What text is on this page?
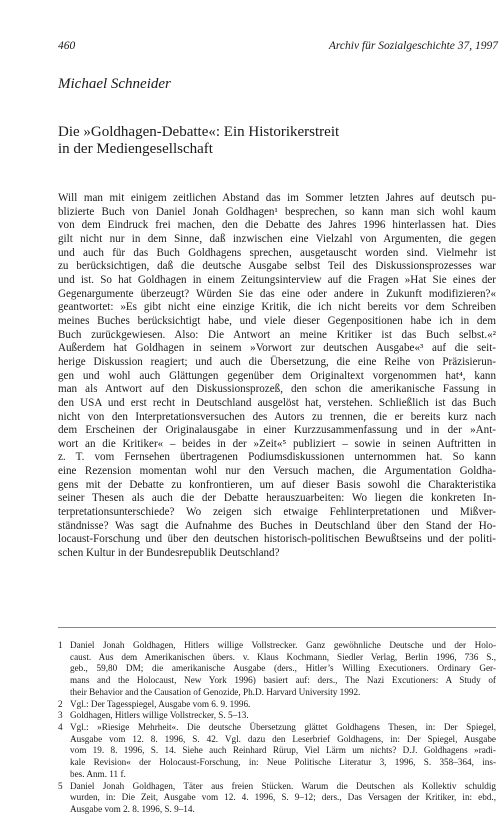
460	Archiv für Sozialgeschichte 37, 1997
Michael Schneider
Die »Goldhagen-Debatte«: Ein Historikerstreit
in der Mediengesellschaft
Will man mit einigem zeitlichen Abstand das im Sommer letzten Jahres auf deutsch pu-
blizierte Buch von Daniel Jonah Goldhagen¹ besprechen, so kann man sich wohl kaum
von dem Eindruck frei machen, den die Debatte des Jahres 1996 hinterlassen hat. Dies
gilt nicht nur in dem Sinne, daß inzwischen eine Vielzahl von Argumenten, die gegen
und auch für das Buch Goldhagens sprechen, ausgetauscht worden sind. Vielmehr ist
zu berücksichtigen, daß die deutsche Ausgabe selbst Teil des Diskussionsprozesses war
und ist. So hat Goldhagen in einem Zeitungsinterview auf die Fragen »Hat Sie eines der
Gegenargumente überzeugt? Würden Sie das eine oder andere in Zukunft modifizieren?«
geantwortet: »Es gibt nicht eine einzige Kritik, die ich nicht bereits vor dem Schreiben
meines Buches berücksichtigt habe, und viele dieser Gegenpositionen habe ich in dem
Buch zurückgewiesen. Also: Die Antwort an meine Kritiker ist das Buch selbst.«²
Außerdem hat Goldhagen in seinem »Vorwort zur deutschen Ausgabe«³ auf die seit-
herige Diskussion reagiert; und auch die Übersetzung, die eine Reihe von Präzisierun-
gen und wohl auch Glättungen gegenüber dem Originaltext vorgenommen hat⁴, kann
man als Antwort auf den Diskussionsprozeß, den schon die amerikanische Fassung in
den USA und erst recht in Deutschland ausgelöst hat, verstehen. Schließlich ist das Buch
nicht von den Interpretationsversuchen des Autors zu trennen, die er bereits kurz nach
dem Erscheinen der Originalausgabe in einer Kurzzusammenfassung und in der »Ant-
wort an die Kritiker« – beides in der »Zeit«⁵ publiziert – sowie in seinen Auftritten in
z. T. vom Fernsehen übertragenen Podiumsdiskussionen unternommen hat. So kann
eine Rezension momentan wohl nur den Versuch machen, die Argumentation Goldha-
gens mit der Debatte zu konfrontieren, um auf dieser Basis sowohl die Charakteristika
seiner Thesen als auch die der Debatte herauszuarbeiten: Wo liegen die konkreten In-
terpretationsunterschiede? Wo zeigen sich etwaige Fehlinterpretationen und Mißver-
ständnisse? Was sagt die Aufnahme des Buches in Deutschland über den Stand der Ho-
locaust-Forschung und über den deutschen historisch-politischen Bewußtseins und der politi-
schen Kultur in der Bundesrepublik Deutschland?
1 Daniel Jonah Goldhagen, Hitlers willige Vollstrecker. Ganz gewöhnliche Deutsche und der Holo-
caust. Aus dem Amerikanischen übers. v. Klaus Kochmann, Siedler Verlag, Berlin 1996, 736 S.,
geb., 59,80 DM; die amerikanische Ausgabe (ders., Hitler’s Willing Executioners. Ordinary Ger-
mans and the Holocaust, New York 1996) basiert auf: ders., The Nazi Excutioners: A Study of
their Behavior and the Causation of Genozide, Ph.D. Harvard University 1992.
2 Vgl.: Der Tagesspiegel, Ausgabe vom 6. 9. 1996.
3 Goldhagen, Hitlers willige Vollstrecker, S. 5–13.
4 Vgl.: »Riesige Mehrheit«. Die deutsche Übersetzung glättet Goldhagens Thesen, in: Der Spiegel,
Ausgabe vom 12. 8. 1996, S. 42. Vgl. dazu den Leserbrief Goldhagens, in: Der Spiegel, Ausgabe
vom 19. 8. 1996, S. 14. Siehe auch Reinhard Rürup, Viel Lärm um nichts? D.J. Goldhagens »radi-
kale Revision« der Holocaust-Forschung, in: Neue Politische Literatur 3, 1996, S. 358–364, ins-
bes. Anm. 11 f.
5 Daniel Jonah Goldhagen, Täter aus freien Stücken. Warum die Deutschen als Kollektiv schuldig
wurden, in: Die Zeit, Ausgabe vom 12. 4. 1996, S. 9–12; ders., Das Versagen der Kritiker, in: ebd.,
Ausgabe vom 2. 8. 1996, S. 9–14.
